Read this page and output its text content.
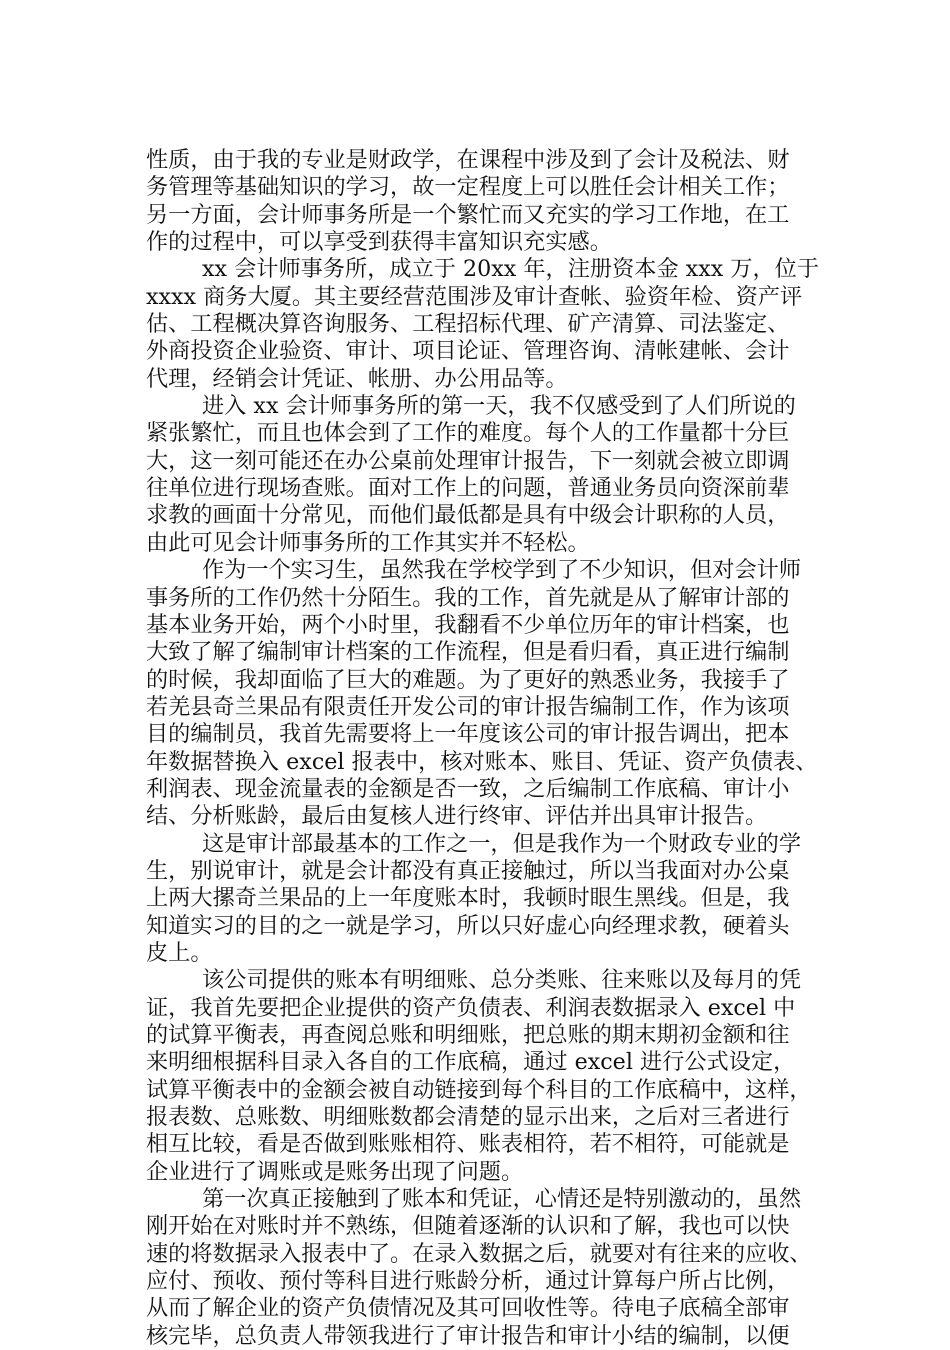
性质，由于我的专业是财政学，在课程中涉及到了会计及税法、财
务管理等基础知识的学习，故一定程度上可以胜任会计相关工作；
另一方面，会计师事务所是一个繁忙而又充实的学习工作地，在工
作的过程中，可以享受到获得丰富知识充实感。
xx 会计师事务所，成立于 20xx 年，注册资本金 xxx 万，位于
xxxx 商务大厦。其主要经营范围涉及审计查帐、验资年检、资产评
估、工程概决算咨询服务、工程招标代理、矿产清算、司法鉴定、
外商投资企业验资、审计、项目论证、管理咨询、清帐建帐、会计
代理，经销会计凭证、帐册、办公用品等。
进入 xx 会计师事务所的第一天，我不仅感受到了人们所说的
紧张繁忙，而且也体会到了工作的难度。每个人的工作量都十分巨
大，这一刻可能还在办公桌前处理审计报告，下一刻就会被立即调
往单位进行现场查账。面对工作上的问题，普通业务员向资深前辈
求教的画面十分常见，而他们最低都是具有中级会计职称的人员，
由此可见会计师事务所的工作其实并不轻松。
作为一个实习生，虽然我在学校学到了不少知识，但对会计师
事务所的工作仍然十分陌生。我的工作，首先就是从了解审计部的
基本业务开始，两个小时里，我翻看不少单位历年的审计档案，也
大致了解了编制审计档案的工作流程，但是看归看，真正进行编制
的时候，我却面临了巨大的难题。为了更好的熟悉业务，我接手了
若羌县奇兰果品有限责任开发公司的审计报告编制工作，作为该项
目的编制员，我首先需要将上一年度该公司的审计报告调出，把本
年数据替换入 excel 报表中，核对账本、账目、凭证、资产负债表、
利润表、现金流量表的金额是否一致，之后编制工作底稿、审计小
结、分析账龄，最后由复核人进行终审、评估并出具审计报告。
这是审计部最基本的工作之一，但是我作为一个财政专业的学
生，别说审计，就是会计都没有真正接触过，所以当我面对办公桌
上两大摞奇兰果品的上一年度账本时，我顿时眼生黑线。但是，我
知道实习的目的之一就是学习，所以只好虚心向经理求教，硬着头
皮上。
该公司提供的账本有明细账、总分类账、往来账以及每月的凭
证，我首先要把企业提供的资产负债表、利润表数据录入 excel 中
的试算平衡表，再查阅总账和明细账，把总账的期末期初金额和往
来明细根据科目录入各自的工作底稿，通过 excel 进行公式设定，
试算平衡表中的金额会被自动链接到每个科目的工作底稿中，这样，
报表数、总账数、明细账数都会清楚的显示出来，之后对三者进行
相互比较，看是否做到账账相符、账表相符，若不相符，可能就是
企业进行了调账或是账务出现了问题。
第一次真正接触到了账本和凭证，心情还是特别激动的，虽然
刚开始在对账时并不熟练，但随着逐渐的认识和了解，我也可以快
速的将数据录入报表中了。在录入数据之后，就要对有往来的应收、
应付、预收、预付等科目进行账龄分析，通过计算每户所占比例，
从而了解企业的资产负债情况及其可回收性等。待电子底稿全部审
核完毕，总负责人带领我进行了审计报告和审计小结的编制，以便
